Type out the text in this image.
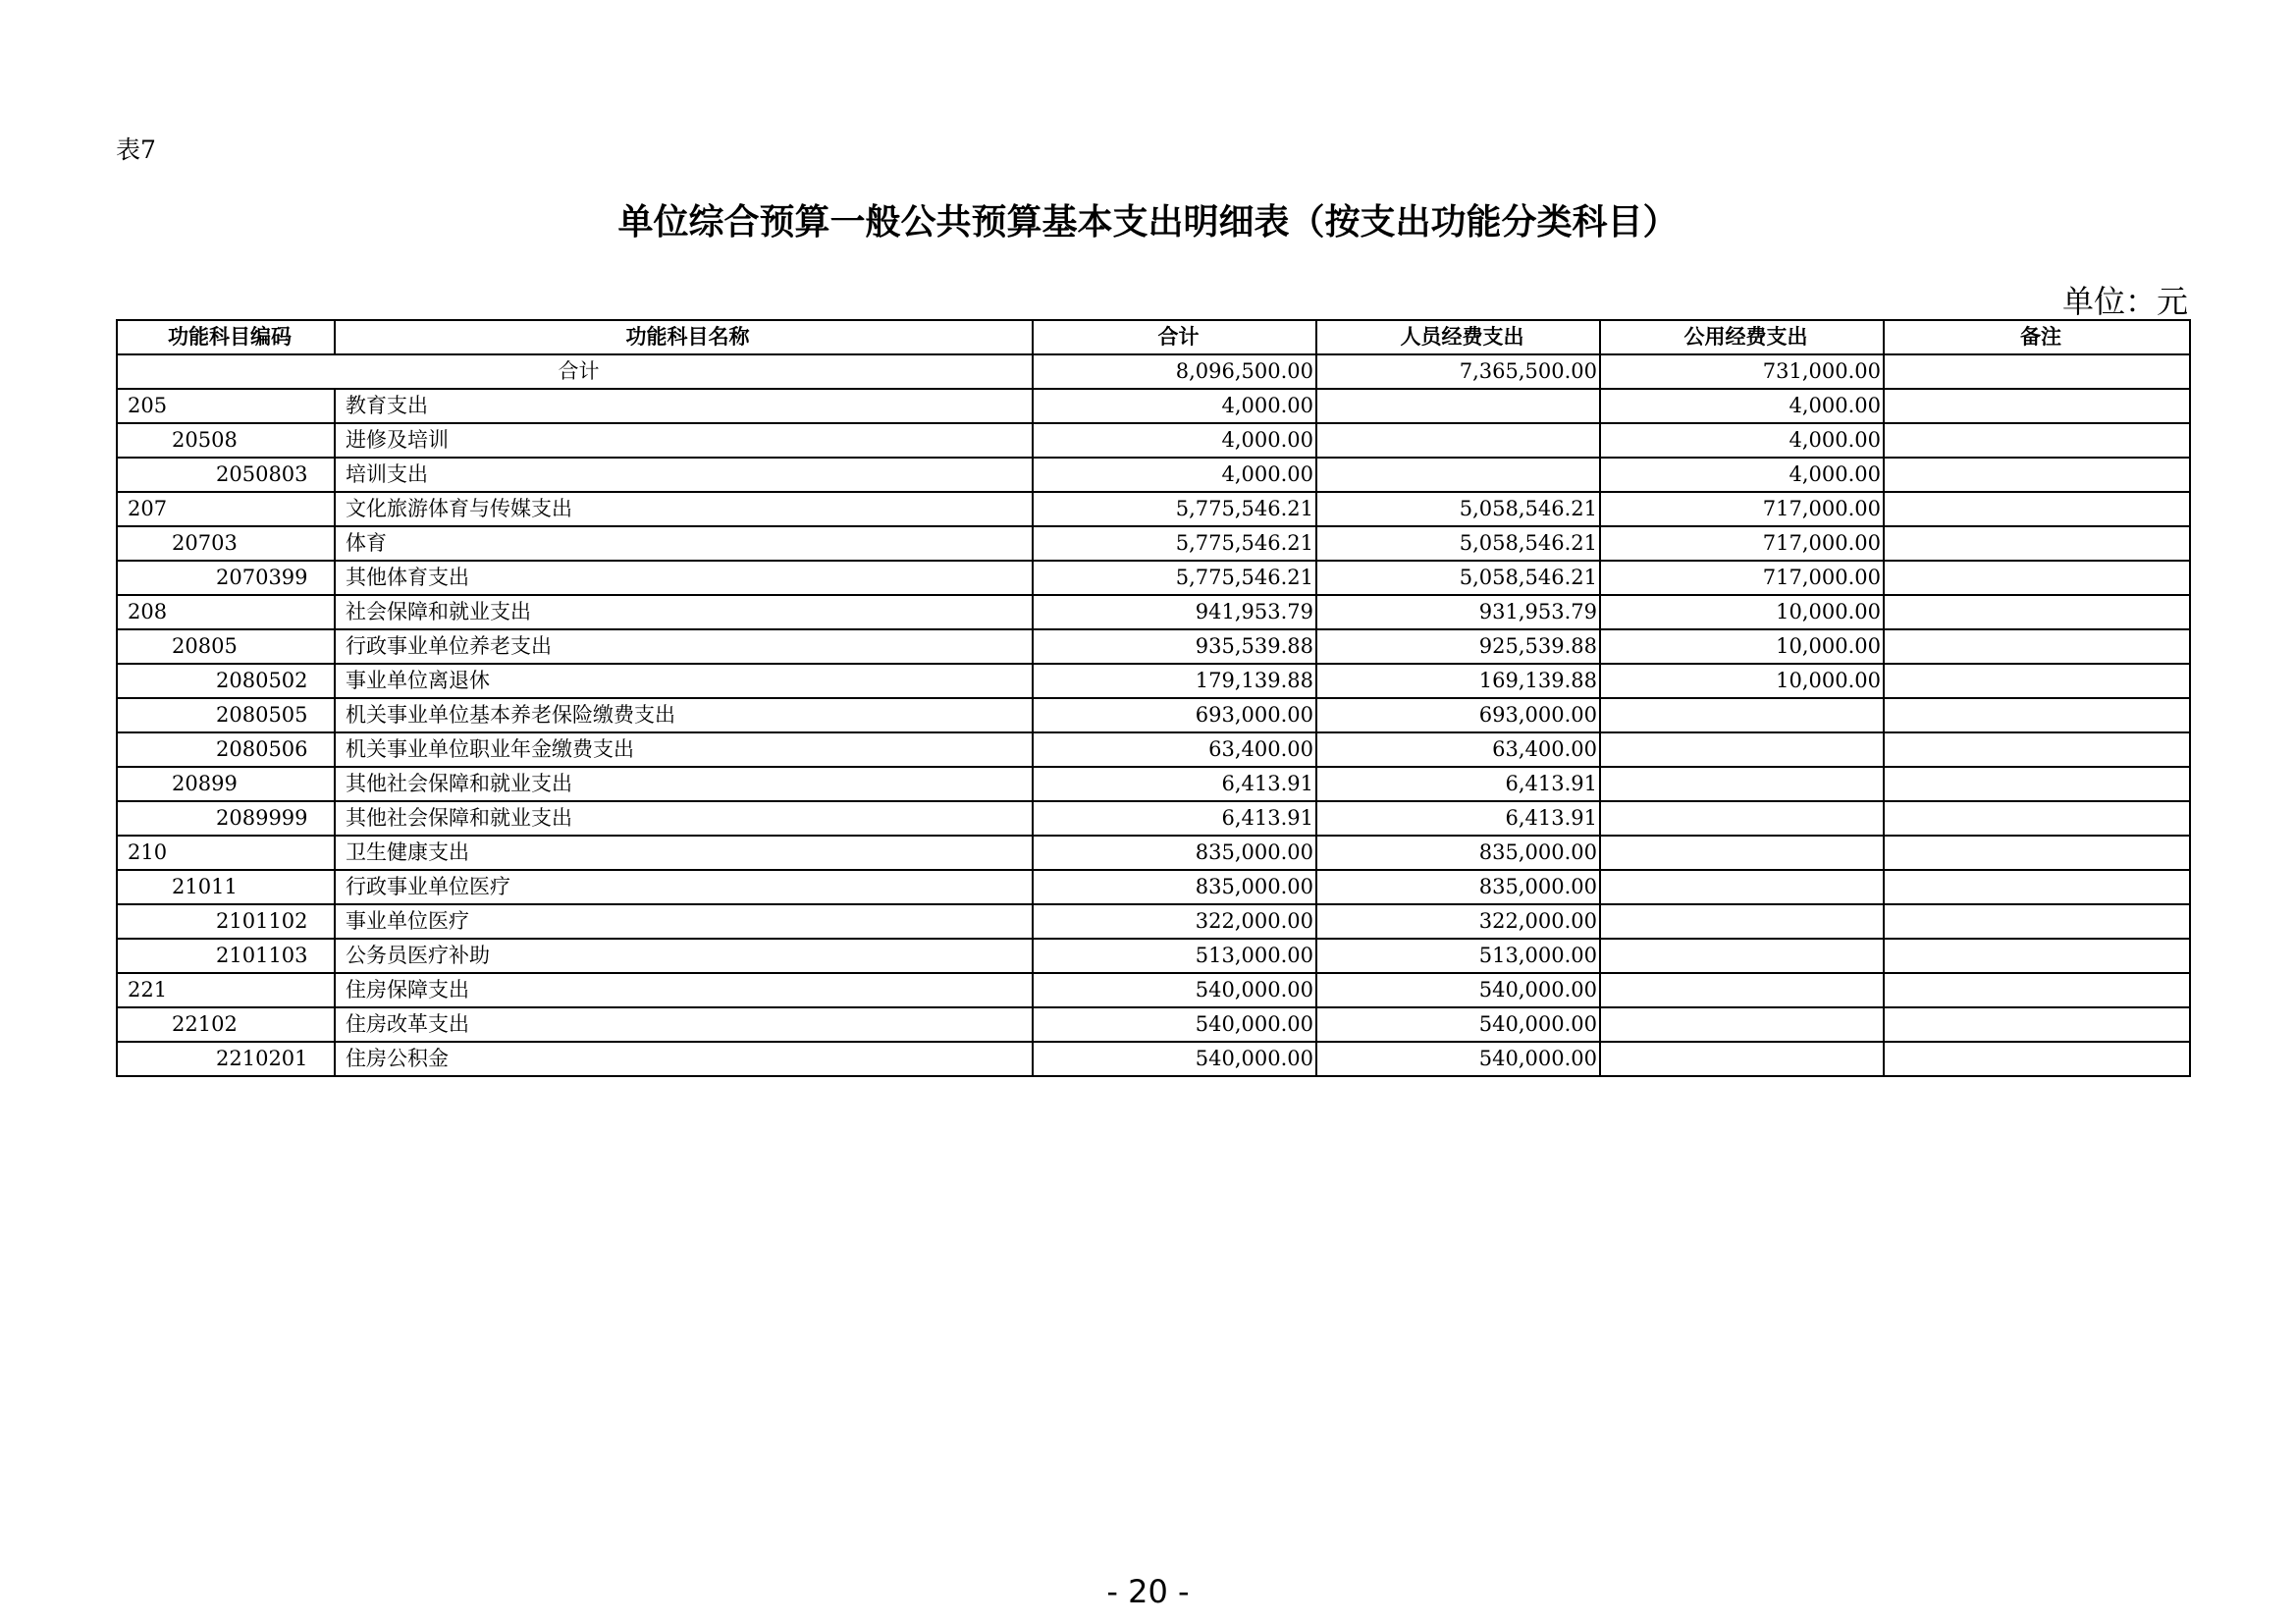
表7
单位综合预算一般公共预算基本支出明细表（按支出功能分类科目）
单位：元
功能科目编码	功能科目名称	合计	人员经费支出	公用经费支出	备注
合计		8,096,500.00	7,365,500.00	731,000.00	
205	教育支出	4,000.00		4,000.00	
20508	进修及培训	4,000.00		4,000.00	
2050803	培训支出	4,000.00		4,000.00	
207	文化旅游体育与传媒支出	5,775,546.21	5,058,546.21	717,000.00	
20703	体育	5,775,546.21	5,058,546.21	717,000.00	
2070399	其他体育支出	5,775,546.21	5,058,546.21	717,000.00	
208	社会保障和就业支出	941,953.79	931,953.79	10,000.00	
20805	行政事业单位养老支出	935,539.88	925,539.88	10,000.00	
2080502	事业单位离退休	179,139.88	169,139.88	10,000.00	
2080505	机关事业单位基本养老保险缴费支出	693,000.00	693,000.00		
2080506	机关事业单位职业年金缴费支出	63,400.00	63,400.00		
20899	其他社会保障和就业支出	6,413.91	6,413.91		
2089999	其他社会保障和就业支出	6,413.91	6,413.91		
210	卫生健康支出	835,000.00	835,000.00		
21011	行政事业单位医疗	835,000.00	835,000.00		
2101102	事业单位医疗	322,000.00	322,000.00		
2101103	公务员医疗补助	513,000.00	513,000.00		
221	住房保障支出	540,000.00	540,000.00		
22102	住房改革支出	540,000.00	540,000.00		
2210201	住房公积金	540,000.00	540,000.00		
- 20 -
